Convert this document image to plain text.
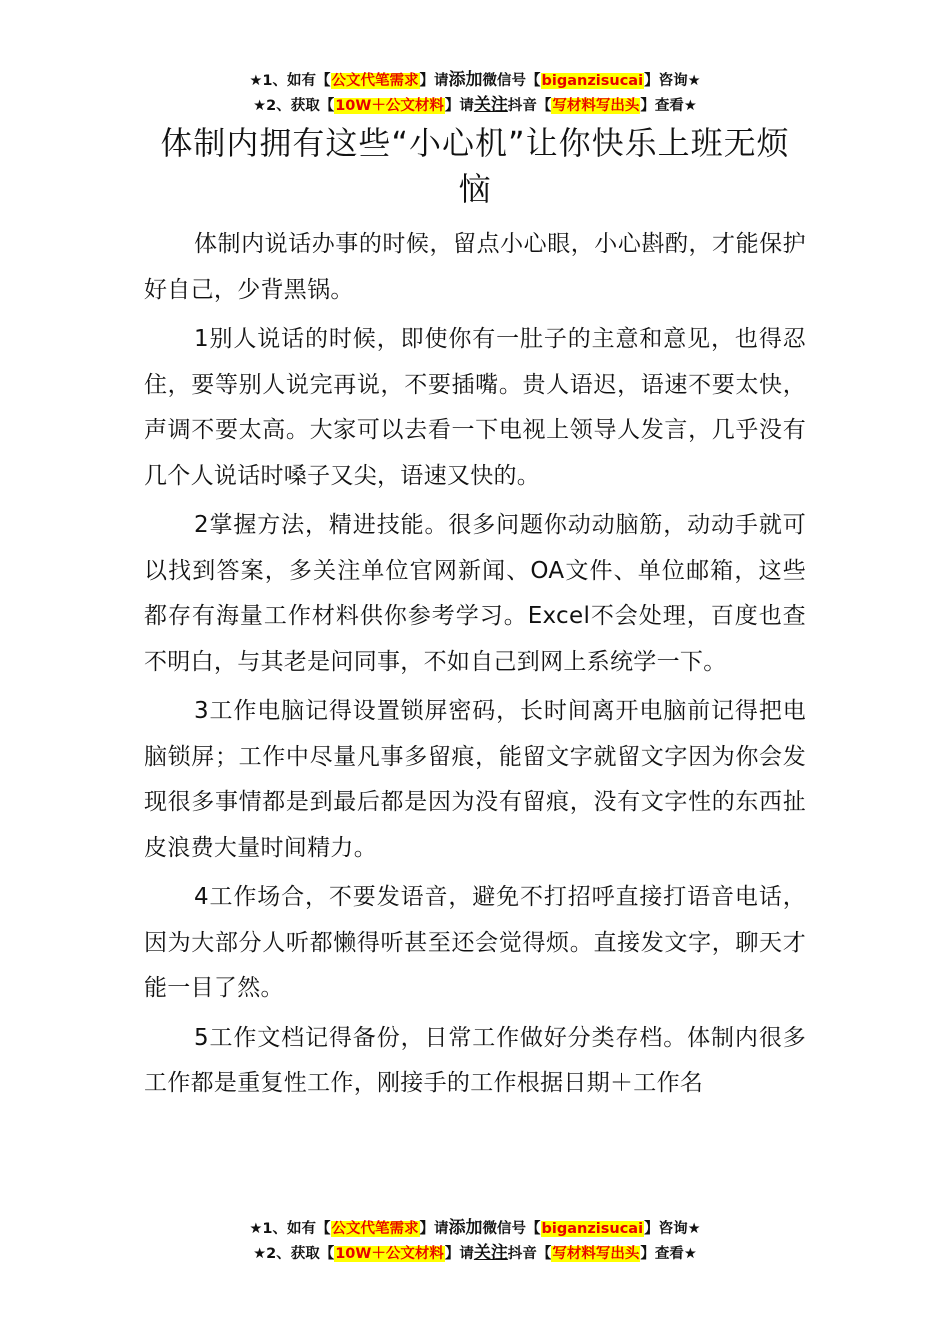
★1、如有【公文代笔需求】请添加微信号【biganzisucai】咨询★
★2、获取【10W＋公文材料】请关注抖音【写材料写出头】查看★
体制内拥有这些“小心机”让你快乐上班无烦恼

体制内说话办事的时候，留点小心眼，小心斟酌，才能保护好自己，少背黑锅。

1别人说话的时候，即使你有一肚子的主意和意见，也得忍住，要等别人说完再说，不要插嘴。贵人语迟，语速不要太快，声调不要太高。大家可以去看一下电视上领导人发言，几乎没有几个人说话时嗓子又尖，语速又快的。

2掌握方法，精进技能。很多问题你动动脑筋，动动手就可以找到答案，多关注单位官网新闻、OA文件、单位邮箱，这些都存有海量工作材料供你参考学习。Excel不会处理，百度也查不明白，与其老是问同事，不如自己到网上系统学一下。

3工作电脑记得设置锁屏密码，长时间离开电脑前记得把电脑锁屏；工作中尽量凡事多留痕，能留文字就留文字因为你会发现很多事情都是到最后都是因为没有留痕，没有文字性的东西扯皮浪费大量时间精力。

4工作场合，不要发语音，避免不打招呼直接打语音电话，因为大部分人听都懒得听甚至还会觉得烦。直接发文字，聊天才能一目了然。

5工作文档记得备份，日常工作做好分类存档。体制内很多工作都是重复性工作，刚接手的工作根据日期＋工作名

★1、如有【公文代笔需求】请添加微信号【biganzisucai】咨询★
★2、获取【10W＋公文材料】请关注抖音【写材料写出头】查看★
